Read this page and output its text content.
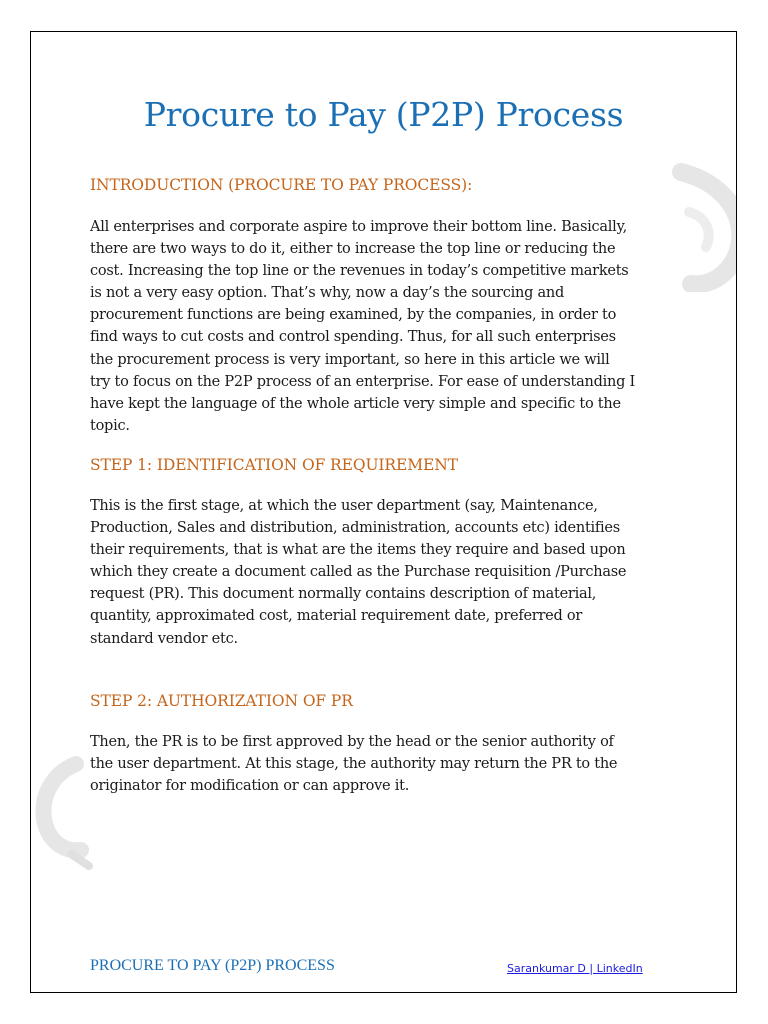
Procure to Pay (P2P) Process
INTRODUCTION (PROCURE TO PAY PROCESS):

All enterprises and corporate aspire to improve their bottom line. Basically,
there are two ways to do it, either to increase the top line or reducing the
cost. Increasing the top line or the revenues in today’s competitive markets
is not a very easy option. That’s why, now a day’s the sourcing and
procurement functions are being examined, by the companies, in order to
find ways to cut costs and control spending. Thus, for all such enterprises
the procurement process is very important, so here in this article we will
try to focus on the P2P process of an enterprise. For ease of understanding I
have kept the language of the whole article very simple and specific to the
topic.

STEP 1: IDENTIFICATION OF REQUIREMENT

This is the first stage, at which the user department (say, Maintenance,
Production, Sales and distribution, administration, accounts etc) identifies
their requirements, that is what are the items they require and based upon
which they create a document called as the Purchase requisition /Purchase
request (PR). This document normally contains description of material,
quantity, approximated cost, material requirement date, preferred or
standard vendor etc.

STEP 2: AUTHORIZATION OF PR

Then, the PR is to be first approved by the head or the senior authority of
the user department. At this stage, the authority may return the PR to the
originator for modification or can approve it.

PROCURE TO PAY (P2P) PROCESS	Sarankumar D | LinkedIn
